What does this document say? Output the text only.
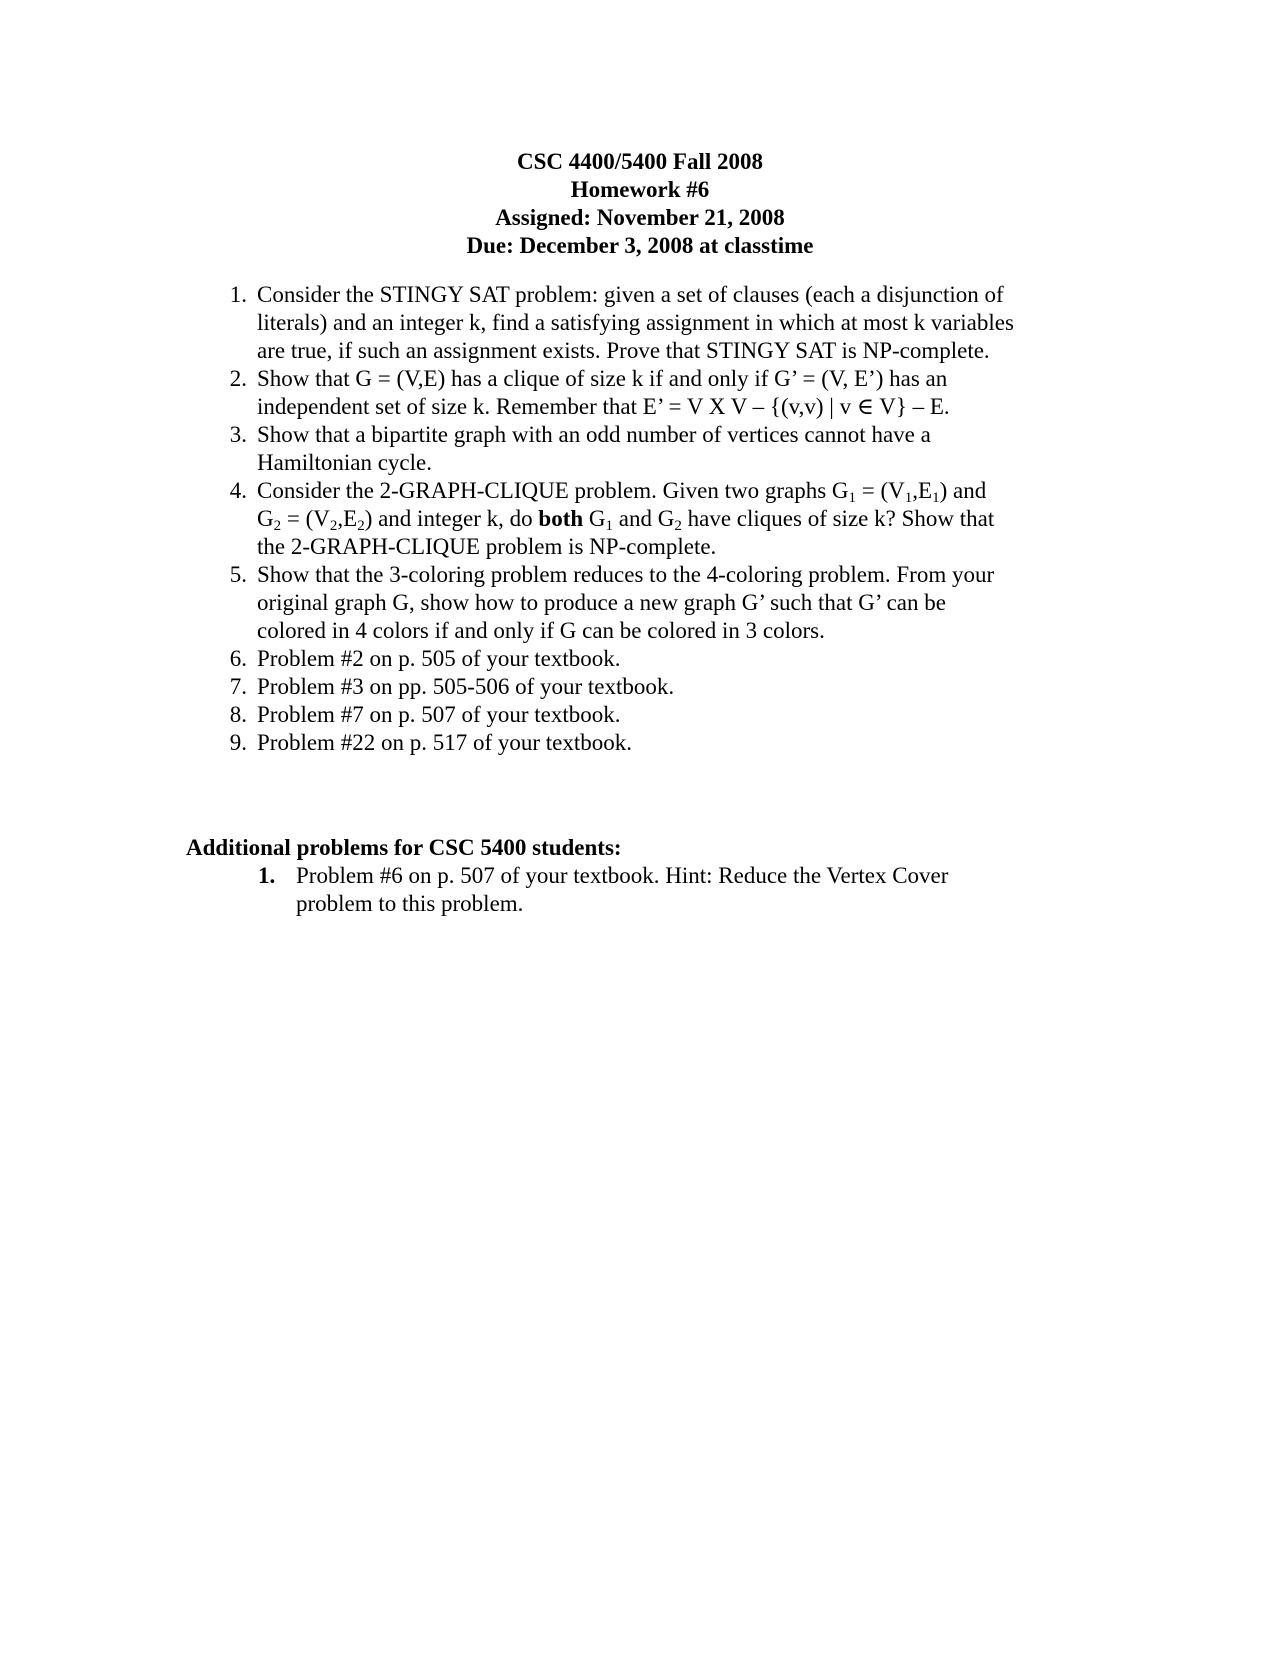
CSC 4400/5400 Fall 2008
Homework #6
Assigned: November 21, 2008
Due: December 3, 2008 at classtime
1. Consider the STINGY SAT problem: given a set of clauses (each a disjunction of
literals) and an integer k, find a satisfying assignment in which at most k variables
are true, if such an assignment exists. Prove that STINGY SAT is NP-complete.
2. Show that G = (V,E) has a clique of size k if and only if G’ = (V, E’) has an
independent set of size k. Remember that E’ = V X V – {(v,v) | v ∈ V} – E.
3. Show that a bipartite graph with an odd number of vertices cannot have a
Hamiltonian cycle.
4. Consider the 2-GRAPH-CLIQUE problem. Given two graphs $G_1 = (V_1,E_1)$ and
$G_2 = (V_2,E_2)$ and integer k, do both $G_1$ and $G_2$ have cliques of size k? Show that
the 2-GRAPH-CLIQUE problem is NP-complete.
5. Show that the 3-coloring problem reduces to the 4-coloring problem. From your
original graph G, show how to produce a new graph G’ such that G’ can be
colored in 4 colors if and only if G can be colored in 3 colors.
6. Problem #2 on p. 505 of your textbook.
7. Problem #3 on pp. 505-506 of your textbook.
8. Problem #7 on p. 507 of your textbook.
9. Problem #22 on p. 517 of your textbook.
Additional problems for CSC 5400 students:
1. Problem #6 on p. 507 of your textbook. Hint: Reduce the Vertex Cover
problem to this problem.
